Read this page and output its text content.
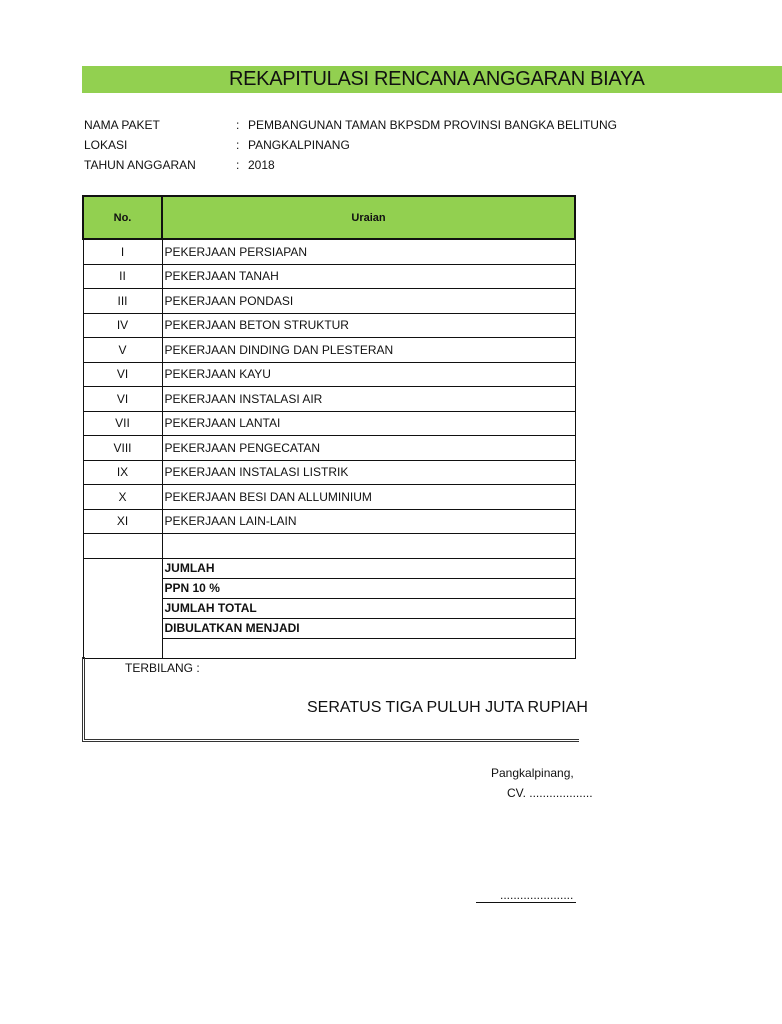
REKAPITULASI RENCANA ANGGARAN BIAYA
NAMA PAKET	: PEMBANGUNAN TAMAN BKPSDM PROVINSI BANGKA BELITUNG
LOKASI	: PANGKALPINANG
TAHUN ANGGARAN	: 2018
No.	Uraian
I	PEKERJAAN PERSIAPAN
II	PEKERJAAN TANAH
III	PEKERJAAN PONDASI
IV	PEKERJAAN BETON STRUKTUR
V	PEKERJAAN DINDING DAN PLESTERAN
VI	PEKERJAAN KAYU
VI	PEKERJAAN INSTALASI AIR
VII	PEKERJAAN LANTAI
VIII	PEKERJAAN PENGECATAN
IX	PEKERJAAN INSTALASI LISTRIK
X	PEKERJAAN BESI DAN ALLUMINIUM
XI	PEKERJAAN LAIN-LAIN

	JUMLAH
	PPN 10 %
	JUMLAH TOTAL
	DIBULATKAN MENJADI

TERBILANG :
SERATUS TIGA PULUH JUTA RUPIAH
Pangkalpinang,
CV. ...................
......................
